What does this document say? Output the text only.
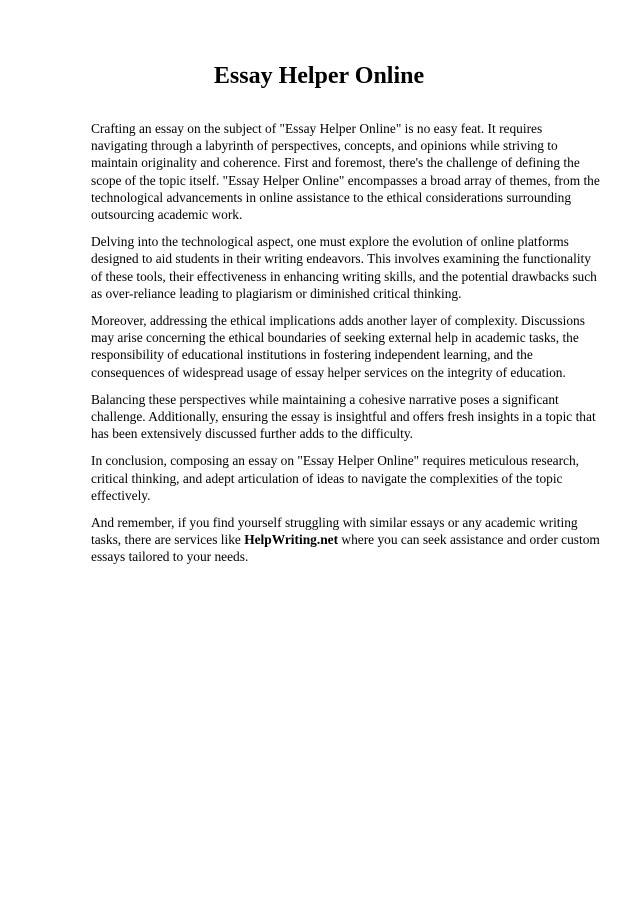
Essay Helper Online

Crafting an essay on the subject of "Essay Helper Online" is no easy feat. It requires navigating through a labyrinth of perspectives, concepts, and opinions while striving to maintain originality and coherence. First and foremost, there's the challenge of defining the scope of the topic itself. "Essay Helper Online" encompasses a broad array of themes, from the technological advancements in online assistance to the ethical considerations surrounding outsourcing academic work.

Delving into the technological aspect, one must explore the evolution of online platforms designed to aid students in their writing endeavors. This involves examining the functionality of these tools, their effectiveness in enhancing writing skills, and the potential drawbacks such as over-reliance leading to plagiarism or diminished critical thinking.

Moreover, addressing the ethical implications adds another layer of complexity. Discussions may arise concerning the ethical boundaries of seeking external help in academic tasks, the responsibility of educational institutions in fostering independent learning, and the consequences of widespread usage of essay helper services on the integrity of education.

Balancing these perspectives while maintaining a cohesive narrative poses a significant challenge. Additionally, ensuring the essay is insightful and offers fresh insights in a topic that has been extensively discussed further adds to the difficulty.

In conclusion, composing an essay on "Essay Helper Online" requires meticulous research, critical thinking, and adept articulation of ideas to navigate the complexities of the topic effectively.

And remember, if you find yourself struggling with similar essays or any academic writing tasks, there are services like HelpWriting.net where you can seek assistance and order custom essays tailored to your needs.
